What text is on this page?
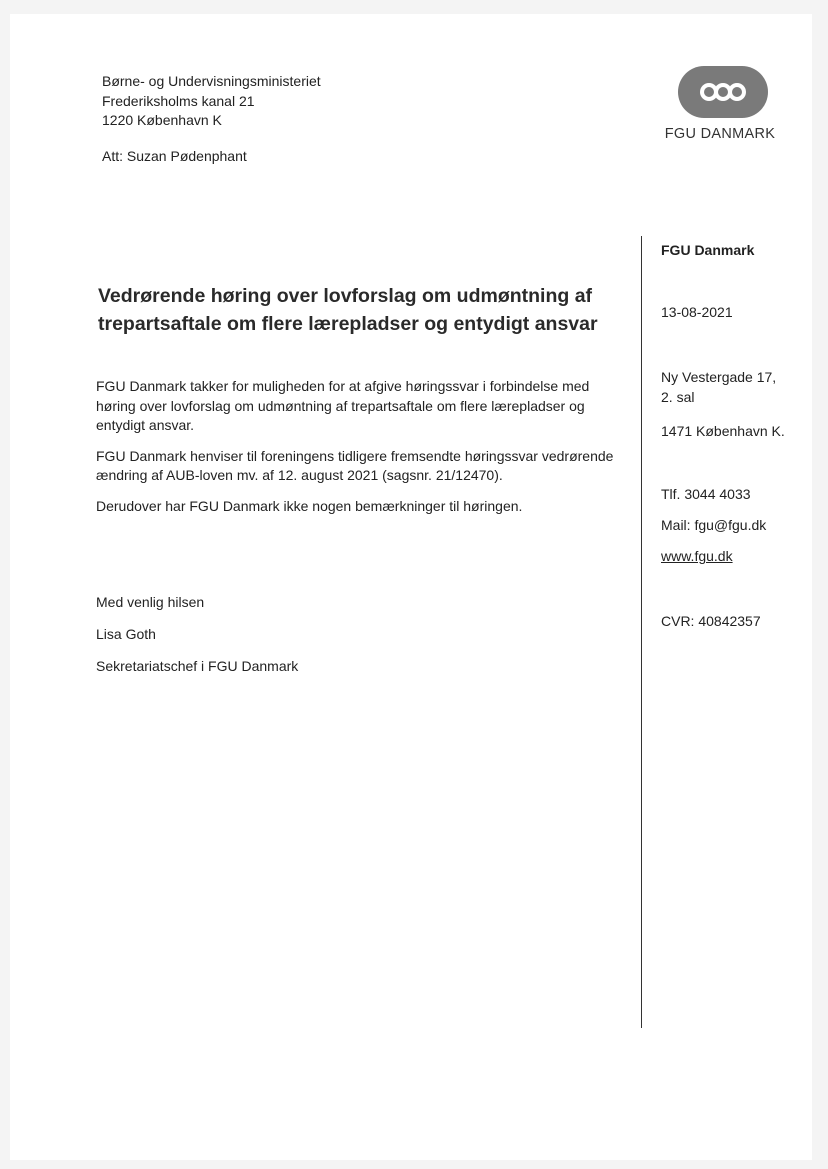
Børne- og Undervisningsministeriet
Frederiksholms kanal 21
1220 København K
Att: Suzan Pødenphant
FGU DANMARK
Vedrørende høring over lovforslag om udmøntning af
trepartsaftale om flere lærepladser og entydigt ansvar

FGU Danmark takker for muligheden for at afgive høringssvar i forbindelse med høring over lovforslag om udmøntning af trepartsaftale om flere lærepladser og entydigt ansvar.

FGU Danmark henviser til foreningens tidligere fremsendte høringssvar vedrørende ændring af AUB-loven mv. af 12. august 2021 (sagsnr. 21/12470).

Derudover har FGU Danmark ikke nogen bemærkninger til høringen.

Med venlig hilsen
Lisa Goth
Sekretariatschef i FGU Danmark
FGU Danmark
13-08-2021
Ny Vestergade 17,
2. sal
1471 København K.
Tlf. 3044 4033
Mail: fgu@fgu.dk
www.fgu.dk
CVR: 40842357
